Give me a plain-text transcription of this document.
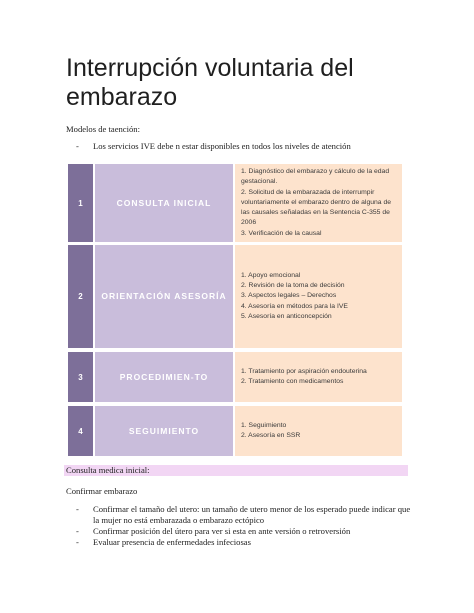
Interrupción voluntaria del embarazo
Modelos de taención:
-	Los servicios IVE debe n estar disponibles en todos los niveles de atención
1	CONSULTA INICIAL
1. Diagnóstico del embarazo y cálculo de la edad gestacional.
2. Solicitud de la embarazada de interrumpir voluntariamente el embarazo dentro de alguna de las causales señaladas en la Sentencia C-355 de 2006
3. Verificación de la causal
2	ORIENTACIÓN ASESORÍA
1. Apoyo emocional
2. Revisión de la toma de decisión
3. Aspectos legales – Derechos
4. Asesoría en métodos para la IVE
5. Asesoría en anticoncepción
3	PROCEDIMIEN-TO
1. Tratamiento por aspiración endouterina
2. Tratamiento con medicamentos
4	SEGUIMIENTO
1. Seguimiento
2. Asesoría en SSR
Consulta medica inicial:
Confirmar embarazo
-	Confirmar el tamaño del utero: un tamaño de utero menor de los esperado puede indicar que la mujer no está embarazada o embarazo ectópico
-	Confirmar posición del útero para ver si esta en ante versión o retroversión
-	Evaluar presencia de enfermedades infeciosas
